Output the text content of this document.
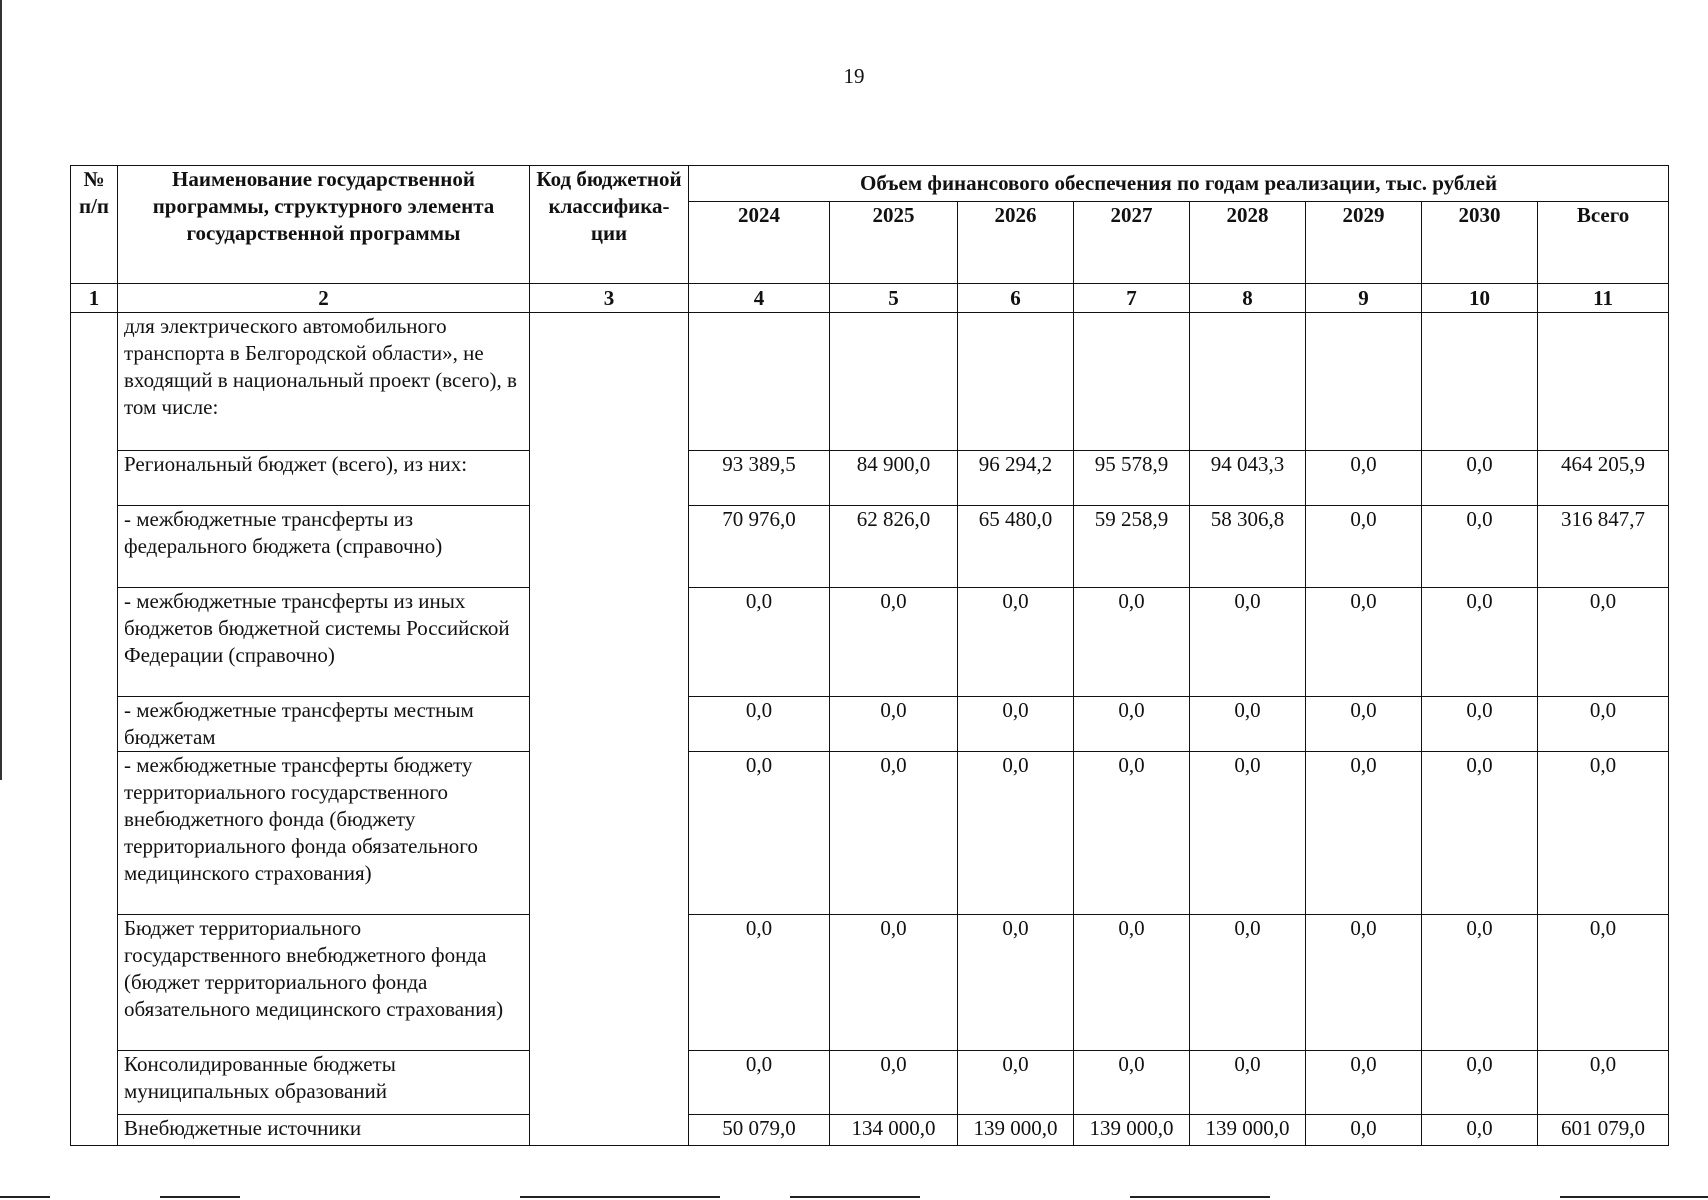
19
№ п/п	Наименование государственной программы, структурного элемента государственной программы	Код бюджетной классифика-ции	Объем финансового обеспечения по годам реализации, тыс. рублей							
			2024	2025	2026	2027	2028	2029	2030	Всего
1	2	3	4	5	6	7	8	9	10	11
	для электрического автомобильного транспорта в Белгородской области», не входящий в национальный проект (всего), в том числе:									
	Региональный бюджет (всего), из них:		93 389,5	84 900,0	96 294,2	95 578,9	94 043,3	0,0	0,0	464 205,9
	- межбюджетные трансферты из федерального бюджета (справочно)		70 976,0	62 826,0	65 480,0	59 258,9	58 306,8	0,0	0,0	316 847,7
	- межбюджетные трансферты из иных бюджетов бюджетной системы Российской Федерации (справочно)		0,0	0,0	0,0	0,0	0,0	0,0	0,0	0,0
	- межбюджетные трансферты местным бюджетам		0,0	0,0	0,0	0,0	0,0	0,0	0,0	0,0
	- межбюджетные трансферты бюджету территориального государственного внебюджетного фонда (бюджету территориального фонда обязательного медицинского страхования)		0,0	0,0	0,0	0,0	0,0	0,0	0,0	0,0
	Бюджет территориального государственного внебюджетного фонда (бюджет территориального фонда обязательного медицинского страхования)		0,0	0,0	0,0	0,0	0,0	0,0	0,0	0,0
	Консолидированные бюджеты муниципальных образований		0,0	0,0	0,0	0,0	0,0	0,0	0,0	0,0
	Внебюджетные источники		50 079,0	134 000,0	139 000,0	139 000,0	139 000,0	0,0	0,0	601 079,0
